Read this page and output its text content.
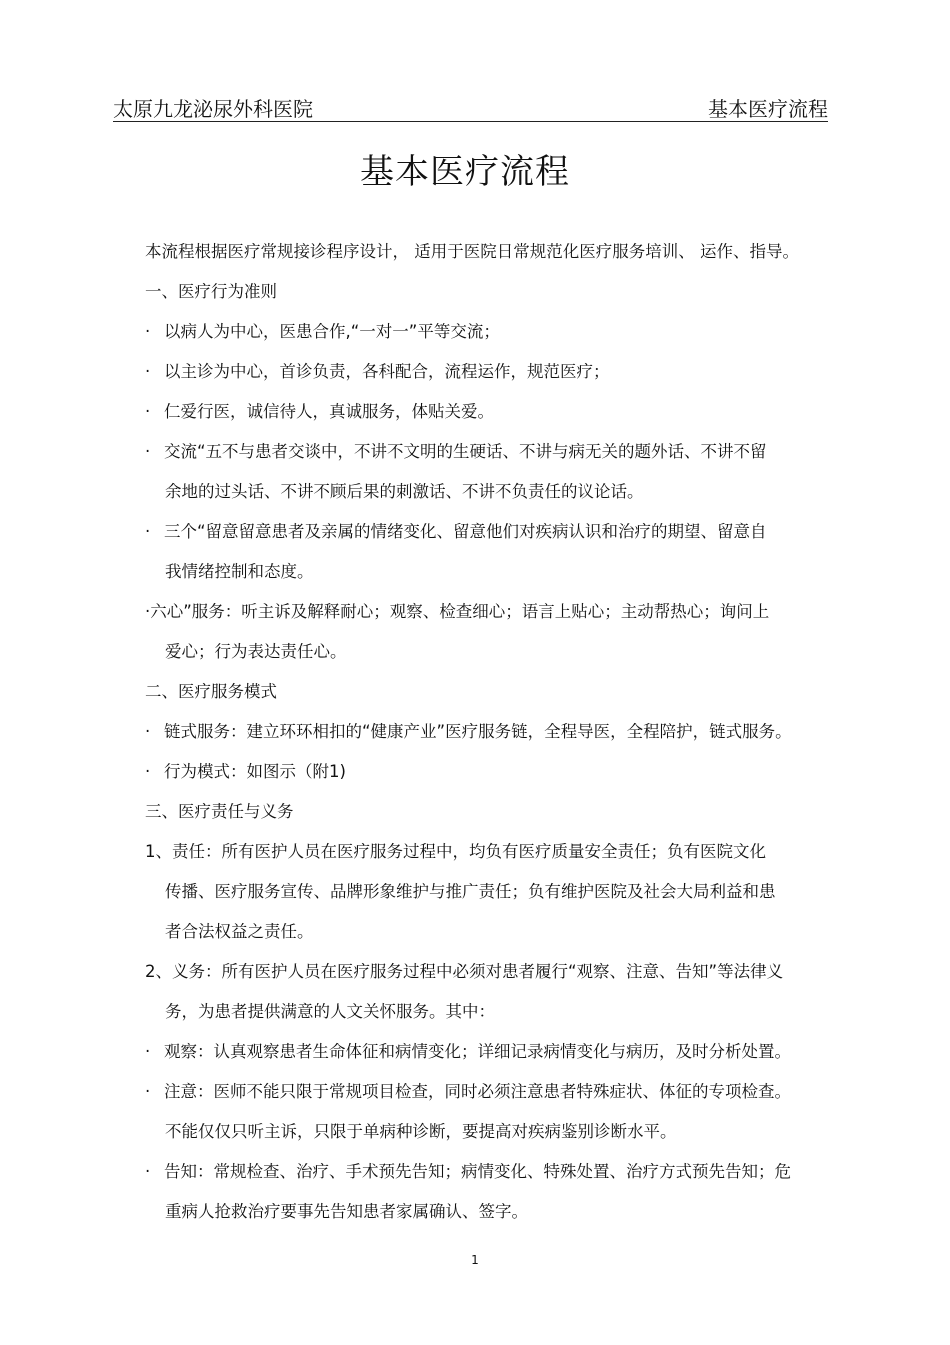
太原九龙泌尿外科医院	基本医疗流程
基本医疗流程
本流程根据医疗常规接诊程序设计， 适用于医院日常规范化医疗服务培训、 运作、指导。
一、医疗行为准则
· 以病人为中心，医患合作,“一对一”平等交流；
· 以主诊为中心，首诊负责，各科配合，流程运作，规范医疗；
· 仁爱行医，诚信待人，真诚服务，体贴关爱。
· 交流“五不与患者交谈中，不讲不文明的生硬话、不讲与病无关的题外话、不讲不留
余地的过头话、不讲不顾后果的刺激话、不讲不负责任的议论话。
· 三个“留意留意患者及亲属的情绪变化、留意他们对疾病认识和治疗的期望、留意自
我情绪控制和态度。
·六心”服务：听主诉及解释耐心；观察、检查细心；语言上贴心；主动帮热心；询问上
爱心；行为表达责任心。
二、医疗服务模式
· 链式服务：建立环环相扣的“健康产业”医疗服务链，全程导医，全程陪护，链式服务。
· 行为模式：如图示（附1)
三、医疗责任与义务
1、责任：所有医护人员在医疗服务过程中，均负有医疗质量安全责任；负有医院文化
传播、医疗服务宣传、品牌形象维护与推广责任；负有维护医院及社会大局利益和患
者合法权益之责任。
2、义务：所有医护人员在医疗服务过程中必须对患者履行“观察、注意、告知”等法律义
务，为患者提供满意的人文关怀服务。其中：
· 观察：认真观察患者生命体征和病情变化；详细记录病情变化与病历，及时分析处置。
· 注意：医师不能只限于常规项目检查，同时必须注意患者特殊症状、体征的专项检查。
不能仅仅只听主诉，只限于单病种诊断，要提高对疾病鉴别诊断水平。
· 告知：常规检查、治疗、手术预先告知；病情变化、特殊处置、治疗方式预先告知；危
重病人抢救治疗要事先告知患者家属确认、签字。
1
